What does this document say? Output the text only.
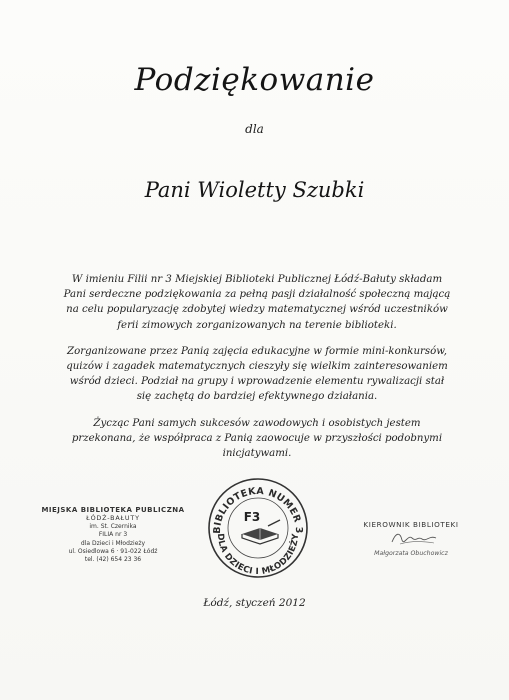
Podziękowanie
dla
Pani Wioletty Szubki

W imieniu Filii nr 3 Miejskiej Biblioteki Publicznej Łódź-Bałuty składam Pani serdeczne podziękowania za pełną pasji działalność społeczną mającą na celu popularyzację zdobytej wiedzy matematycznej wśród uczestników ferii zimowych zorganizowanych na terenie biblioteki.

Zorganizowane przez Panią zajęcia edukacyjne w formie mini-konkursów, quizów i zagadek matematycznych cieszyły się wielkim zainteresowaniem wśród dzieci. Podział na grupy i wprowadzenie elementu rywalizacji stał się zachętą do bardziej efektywnego działania.

Życząc Pani samych sukcesów zawodowych i osobistych jestem przekonana, że współpraca z Panią zaowocuje w przyszłości podobnymi inicjatywami.

MIEJSKA BIBLIOTEKA PUBLICZNA
ŁÓDŹ-BAŁUTY
im. St. Czernika
FILIA nr 3
dla Dzieci i Młodzieży
ul. Osiedlowa 6 · 91-022 Łódź
tel. (42) 654 23 36
BIBLIOTEKA NUMER 3
DLA DZIECI I MŁODZIEŻY
F3
KIEROWNIK BIBLIOTEKI
Małgorzata Obuchowicz
Łódź, styczeń 2012
